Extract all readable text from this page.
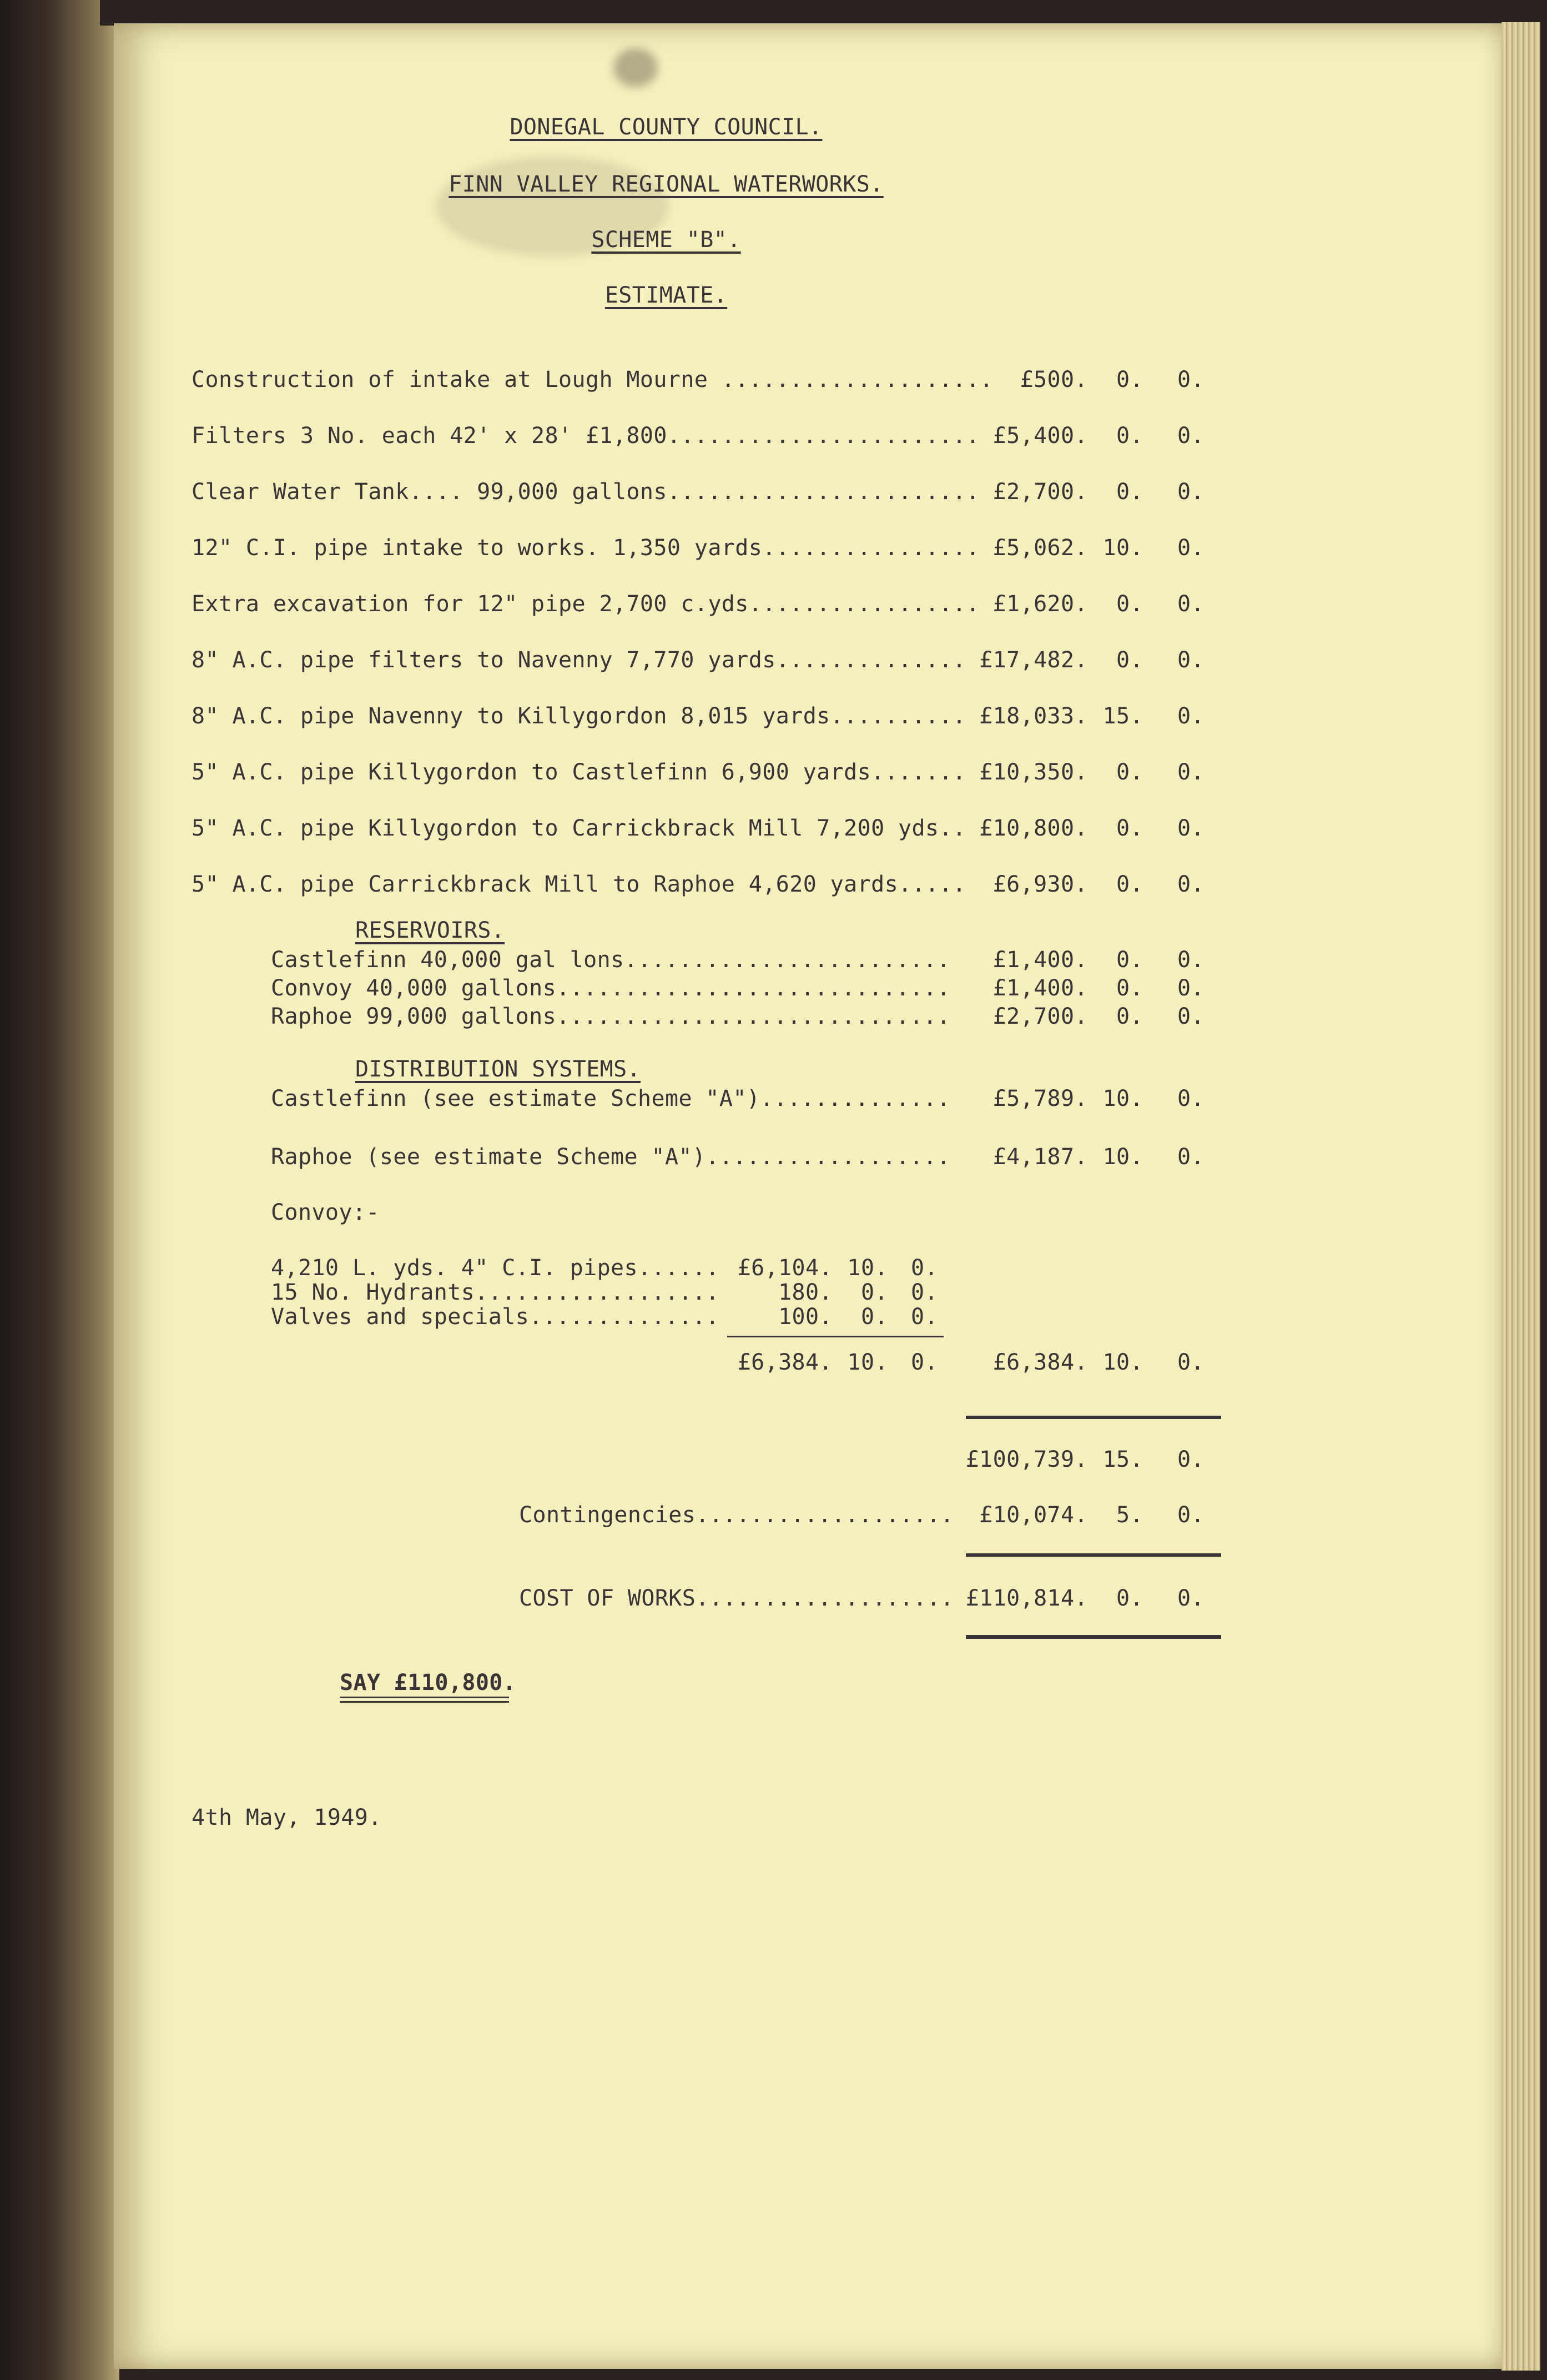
DONEGAL COUNTY COUNCIL.
FINN VALLEY REGIONAL WATERWORKS.
SCHEME "B".
ESTIMATE.
Construction of intake at Lough Mourne ....................	£500.	0.	0.
Filters 3 No. each 42' x 28' £1,800....................... £5,400.	0.	0.
Clear Water Tank.... 99,000 gallons....................... £2,700.	0.	0.
12" C.I. pipe intake to works. 1,350 yards................ £5,062. 10.	0.
Extra excavation for 12" pipe 2,700 c.yds................. £1,620.	0.	0.
8" A.C. pipe filters to Navenny 7,770 yards.............. £17,482.	0.	0.
8" A.C. pipe Navenny to Killygordon 8,015 yards.......... £18,033. 15.	0.
5" A.C. pipe Killygordon to Castlefinn 6,900 yards....... £10,350.	0.	0.
5" A.C. pipe Killygordon to Carrickbrack Mill 7,200 yds.. £10,800.	0.	0.
5" A.C. pipe Carrickbrack Mill to Raphoe 4,620 yards.....	£6,930.	0.	0.
RESERVOIRS.
Castlefinn 40,000 gal lons........................	£1,400.	0.	0.
Convoy 40,000 gallons.............................	£1,400.	0.	0.
Raphoe 99,000 gallons.............................	£2,700.	0.	0.
DISTRIBUTION SYSTEMS.
Castlefinn (see estimate Scheme "A")..............	£5,789. 10.	0.
Raphoe (see estimate Scheme "A")..................	£4,187. 10.	0.
Convoy:-
4,210 L. yds. 4" C.I. pipes...... £6,104. 10.	0.
15 No. Hydrants..................	180.	0.	0.
Valves and specials..............	100.	0.	0.
£6,384. 10.	0.	£6,384. 10.	0.
£100,739. 15.	0.
Contingencies...................	£10,074.	5.	0.
COST OF WORKS................... £110,814.	0.	0.
SAY £110,800.
4th May, 1949.
